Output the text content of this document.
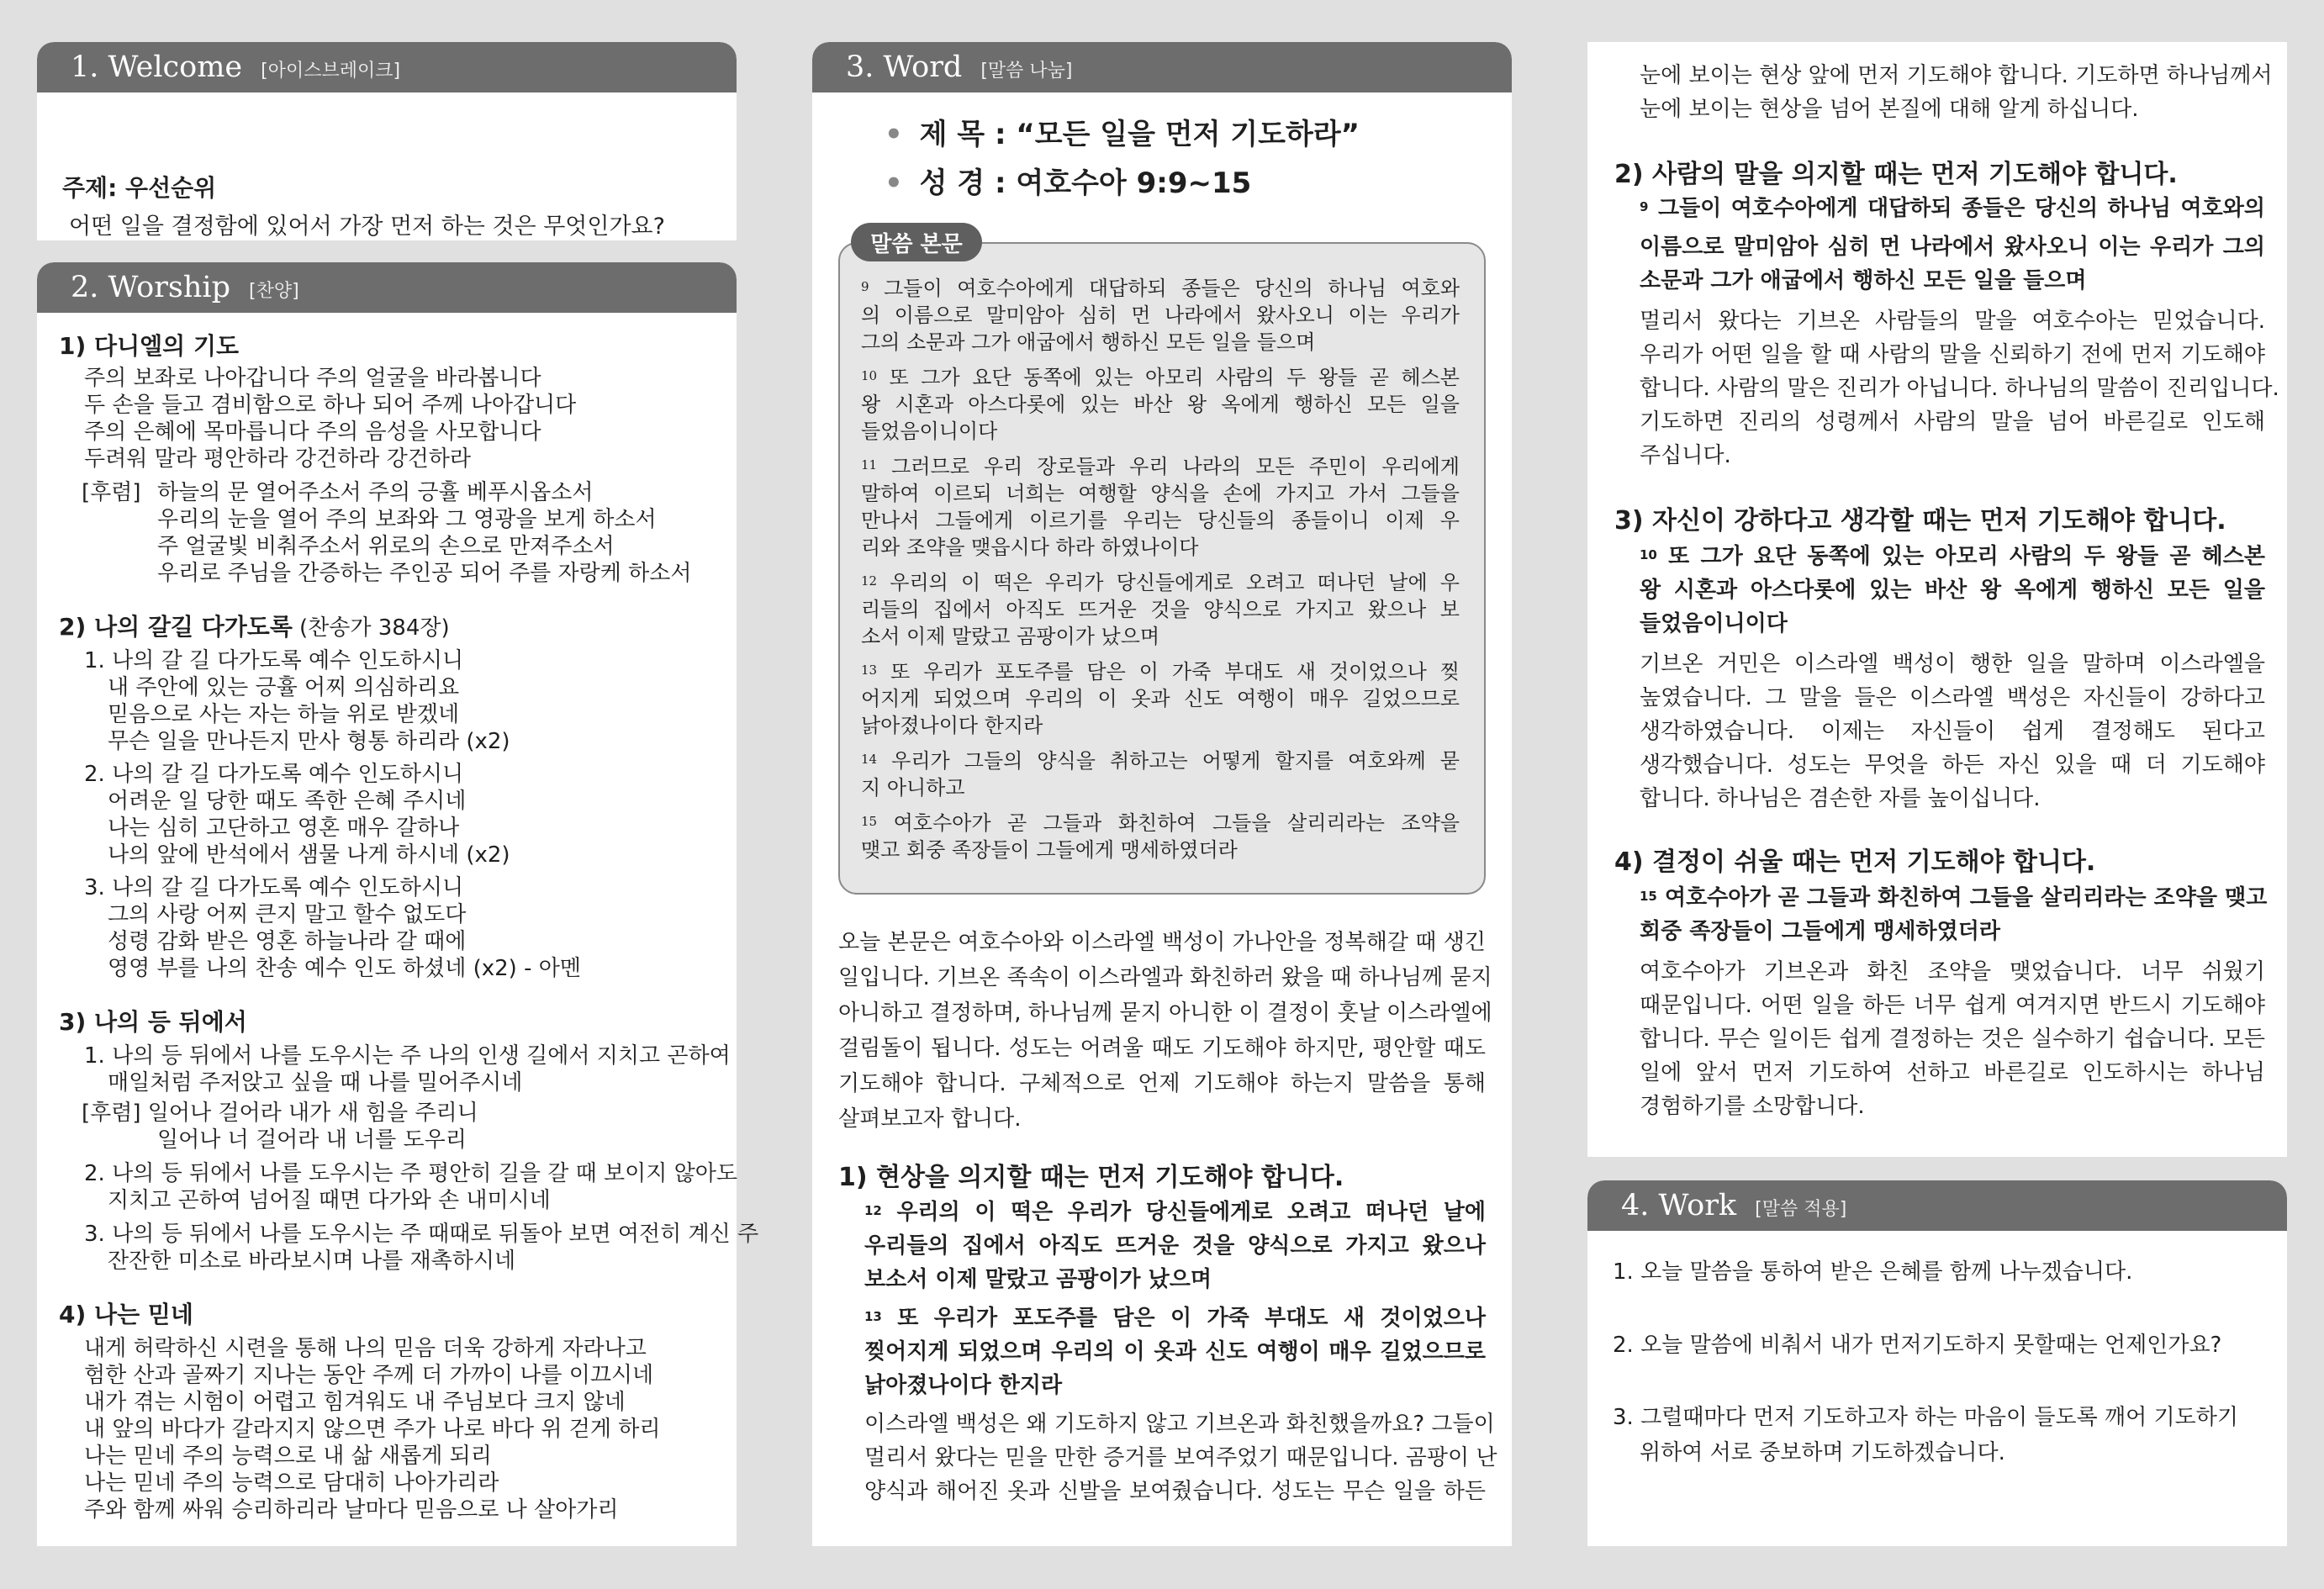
1. Welcome [아이스브레이크]
주제: 우선순위
어떤 일을 결정함에 있어서 가장 먼저 하는 것은 무엇인가요?
2. Worship [찬양]
1) 다니엘의 기도
주의 보좌로 나아갑니다 주의 얼굴을 바라봅니다
두 손을 들고 겸비함으로 하나 되어 주께 나아갑니다
주의 은혜에 목마릅니다 주의 음성을 사모합니다
두려워 말라 평안하라 강건하라 강건하라
[후렴] 하늘의 문 열어주소서 주의 긍휼 베푸시옵소서
우리의 눈을 열어 주의 보좌와 그 영광을 보게 하소서
주 얼굴빛 비춰주소서 위로의 손으로 만져주소서
우리로 주님을 간증하는 주인공 되어 주를 자랑케 하소서
2) 나의 갈길 다가도록 (찬송가 384장)
1. 나의 갈 길 다가도록 예수 인도하시니
내 주안에 있는 긍휼 어찌 의심하리요
믿음으로 사는 자는 하늘 위로 받겠네
무슨 일을 만나든지 만사 형통 하리라 (x2)
2. 나의 갈 길 다가도록 예수 인도하시니
어려운 일 당한 때도 족한 은혜 주시네
나는 심히 고단하고 영혼 매우 갈하나
나의 앞에 반석에서 샘물 나게 하시네 (x2)
3. 나의 갈 길 다가도록 예수 인도하시니
그의 사랑 어찌 큰지 말고 할수 없도다
성령 감화 받은 영혼 하늘나라 갈 때에
영영 부를 나의 찬송 예수 인도 하셨네 (x2) - 아멘
3) 나의 등 뒤에서
1. 나의 등 뒤에서 나를 도우시는 주 나의 인생 길에서 지치고 곤하여
매일처럼 주저앉고 싶을 때 나를 밀어주시네
[후렴] 일어나 걸어라 내가 새 힘을 주리니
일어나 너 걸어라 내 너를 도우리
2. 나의 등 뒤에서 나를 도우시는 주 평안히 길을 갈 때 보이지 않아도
지치고 곤하여 넘어질 때면 다가와 손 내미시네
3. 나의 등 뒤에서 나를 도우시는 주 때때로 뒤돌아 보면 여전히 계신 주
잔잔한 미소로 바라보시며 나를 재촉하시네
4) 나는 믿네
내게 허락하신 시련을 통해 나의 믿음 더욱 강하게 자라나고
험한 산과 골짜기 지나는 동안 주께 더 가까이 나를 이끄시네
내가 겪는 시험이 어렵고 힘겨워도 내 주님보다 크지 않네
내 앞의 바다가 갈라지지 않으면 주가 나로 바다 위 걷게 하리
나는 믿네 주의 능력으로 내 삶 새롭게 되리
나는 믿네 주의 능력으로 담대히 나아가리라
주와 함께 싸워 승리하리라 날마다 믿음으로 나 살아가리
3. Word [말씀 나눔]
• 제 목 : “모든 일을 먼저 기도하라”
• 성 경 : 여호수아 9:9~15
말씀 본문
$^9$ 그들이 여호수아에게 대답하되 종들은 당신의 하나님 여호와
의 이름으로 말미암아 심히 먼 나라에서 왔사오니 이는 우리가
그의 소문과 그가 애굽에서 행하신 모든 일을 들으며
$^{10}$ 또 그가 요단 동쪽에 있는 아모리 사람의 두 왕들 곧 헤스본
왕 시혼과 아스다롯에 있는 바산 왕 옥에게 행하신 모든 일을
들었음이니이다
$^{11}$ 그러므로 우리 장로들과 우리 나라의 모든 주민이 우리에게
말하여 이르되 너희는 여행할 양식을 손에 가지고 가서 그들을
만나서 그들에게 이르기를 우리는 당신들의 종들이니 이제 우
리와 조약을 맺읍시다 하라 하였나이다
$^{12}$ 우리의 이 떡은 우리가 당신들에게로 오려고 떠나던 날에 우
리들의 집에서 아직도 뜨거운 것을 양식으로 가지고 왔으나 보
소서 이제 말랐고 곰팡이가 났으며
$^{13}$ 또 우리가 포도주를 담은 이 가죽 부대도 새 것이었으나 찢
어지게 되었으며 우리의 이 옷과 신도 여행이 매우 길었으므로
낡아졌나이다 한지라
$^{14}$ 우리가 그들의 양식을 취하고는 어떻게 할지를 여호와께 묻
지 아니하고
$^{15}$ 여호수아가 곧 그들과 화친하여 그들을 살리리라는 조약을
맺고 회중 족장들이 그들에게 맹세하였더라
오늘 본문은 여호수아와 이스라엘 백성이 가나안을 정복해갈 때 생긴
일입니다. 기브온 족속이 이스라엘과 화친하러 왔을 때 하나님께 묻지
아니하고 결정하며, 하나님께 묻지 아니한 이 결정이 훗날 이스라엘에
걸림돌이 됩니다. 성도는 어려울 때도 기도해야 하지만, 평안할 때도
기도해야 합니다. 구체적으로 언제 기도해야 하는지 말씀을 통해
살펴보고자 합니다.
1) 현상을 의지할 때는 먼저 기도해야 합니다.
$^{12}$ 우리의 이 떡은 우리가 당신들에게로 오려고 떠나던 날에
우리들의 집에서 아직도 뜨거운 것을 양식으로 가지고 왔으나
보소서 이제 말랐고 곰팡이가 났으며
$^{13}$ 또 우리가 포도주를 담은 이 가죽 부대도 새 것이었으나
찢어지게 되었으며 우리의 이 옷과 신도 여행이 매우 길었으므로
낡아졌나이다 한지라
이스라엘 백성은 왜 기도하지 않고 기브온과 화친했을까요? 그들이
멀리서 왔다는 믿을 만한 증거를 보여주었기 때문입니다. 곰팡이 난
양식과 해어진 옷과 신발을 보여줬습니다. 성도는 무슨 일을 하든
눈에 보이는 현상 앞에 먼저 기도해야 합니다. 기도하면 하나님께서
눈에 보이는 현상을 넘어 본질에 대해 알게 하십니다.
2) 사람의 말을 의지할 때는 먼저 기도해야 합니다.
$^9$ 그들이 여호수아에게 대답하되 종들은 당신의 하나님 여호와의
이름으로 말미암아 심히 먼 나라에서 왔사오니 이는 우리가 그의
소문과 그가 애굽에서 행하신 모든 일을 들으며
멀리서 왔다는 기브온 사람들의 말을 여호수아는 믿었습니다.
우리가 어떤 일을 할 때 사람의 말을 신뢰하기 전에 먼저 기도해야
합니다. 사람의 말은 진리가 아닙니다. 하나님의 말씀이 진리입니다.
기도하면 진리의 성령께서 사람의 말을 넘어 바른길로 인도해
주십니다.
3) 자신이 강하다고 생각할 때는 먼저 기도해야 합니다.
$^{10}$ 또 그가 요단 동쪽에 있는 아모리 사람의 두 왕들 곧 헤스본
왕 시혼과 아스다롯에 있는 바산 왕 옥에게 행하신 모든 일을
들었음이니이다
기브온 거민은 이스라엘 백성이 행한 일을 말하며 이스라엘을
높였습니다. 그 말을 들은 이스라엘 백성은 자신들이 강하다고
생각하였습니다. 이제는 자신들이 쉽게 결정해도 된다고
생각했습니다. 성도는 무엇을 하든 자신 있을 때 더 기도해야
합니다. 하나님은 겸손한 자를 높이십니다.
4) 결정이 쉬울 때는 먼저 기도해야 합니다.
$^{15}$ 여호수아가 곧 그들과 화친하여 그들을 살리리라는 조약을 맺고
회중 족장들이 그들에게 맹세하였더라
여호수아가 기브온과 화친 조약을 맺었습니다. 너무 쉬웠기
때문입니다. 어떤 일을 하든 너무 쉽게 여겨지면 반드시 기도해야
합니다. 무슨 일이든 쉽게 결정하는 것은 실수하기 쉽습니다. 모든
일에 앞서 먼저 기도하여 선하고 바른길로 인도하시는 하나님
경험하기를 소망합니다.
4. Work [말씀 적용]
1. 오늘 말씀을 통하여 받은 은혜를 함께 나누겠습니다.
2. 오늘 말씀에 비춰서 내가 먼저기도하지 못할때는 언제인가요?
3. 그럴때마다 먼저 기도하고자 하는 마음이 들도록 깨어 기도하기
위하여 서로 중보하며 기도하겠습니다.
